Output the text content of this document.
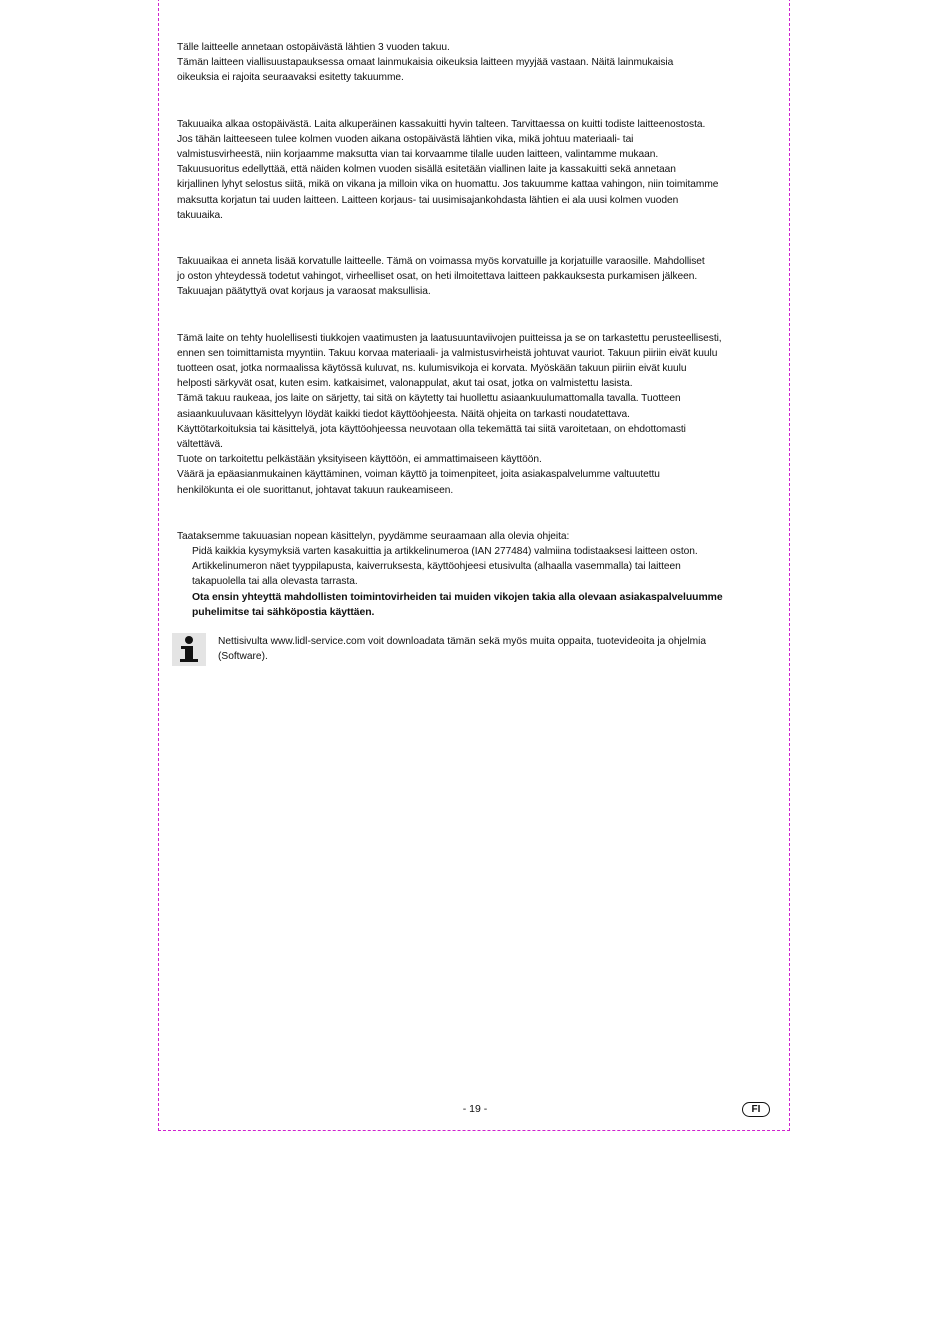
Tälle laitteelle annetaan ostopäivästä lähtien 3 vuoden takuu.
Tämän laitteen viallisuustapauksessa omaat lainmukaisia oikeuksia laitteen myyjää vastaan. Näitä lainmukaisia
oikeuksia ei rajoita seuraavaksi esitetty takuumme.

Takuuaika alkaa ostopäivästä. Laita alkuperäinen kassakuitti hyvin talteen. Tarvittaessa on kuitti todiste laitteenostosta.
Jos tähän laitteeseen tulee kolmen vuoden aikana ostopäivästä lähtien vika, mikä johtuu materiaali- tai
valmistusvirheestä, niin korjaamme maksutta vian tai korvaamme tilalle uuden laitteen, valintamme mukaan.
Takuusuoritus edellyttää, että näiden kolmen vuoden sisällä esitetään viallinen laite ja kassakuitti sekä annetaan
kirjallinen lyhyt selostus siitä, mikä on vikana ja milloin vika on huomattu. Jos takuumme kattaa vahingon, niin toimitamme
maksutta korjatun tai uuden laitteen. Laitteen korjaus- tai uusimisajankohdasta lähtien ei ala uusi kolmen vuoden
takuuaika.

Takuuaikaa ei anneta lisää korvatulle laitteelle. Tämä on voimassa myös korvatuille ja korjatuille varaosille. Mahdolliset
jo oston yhteydessä todetut vahingot, virheelliset osat, on heti ilmoitettava laitteen pakkauksesta purkamisen jälkeen.
Takuuajan päätyttyä ovat korjaus ja varaosat maksullisia.

Tämä laite on tehty huolellisesti tiukkojen vaatimusten ja laatusuuntaviivojen puitteissa ja se on tarkastettu perusteellisesti,
ennen sen toimittamista myyntiin. Takuu korvaa materiaali- ja valmistusvirheistä johtuvat vauriot. Takuun piiriin eivät kuulu
tuotteen osat, jotka normaalissa käytössä kuluvat, ns. kulumisvikoja ei korvata. Myöskään takuun piiriin eivät kuulu
helposti särkyvät osat, kuten esim. katkaisimet, valonappulat, akut tai osat, jotka on valmistettu lasista.
Tämä takuu raukeaa, jos laite on särjetty, tai sitä on käytetty tai huollettu asiaankuulumattomalla tavalla. Tuotteen
asiaankuuluvaan käsittelyyn löydät kaikki tiedot käyttöohjeesta. Näitä ohjeita on tarkasti noudatettava.
Käyttötarkoituksia tai käsittelyä, jota käyttöohjeessa neuvotaan olla tekemättä tai siitä varoitetaan, on ehdottomasti
vältettävä.
Tuote on tarkoitettu pelkästään yksityiseen käyttöön, ei ammattimaiseen käyttöön.
Väärä ja epäasianmukainen käyttäminen, voiman käyttö ja toimenpiteet, joita asiakaspalvelumme valtuutettu
henkilökunta ei ole suorittanut, johtavat takuun raukeamiseen.

Taataksemme takuuasian nopean käsittelyn, pyydämme seuraamaan alla olevia ohjeita:
Pidä kaikkia kysymyksiä varten kasakuittia ja artikkelinumeroa (IAN 277484) valmiina todistaaksesi laitteen oston.
Artikkelinumeron näet tyyppilapusta, kaiverruksesta, käyttöohjeesi etusivulta (alhaalla vasemmalla) tai laitteen
takapuolella tai alla olevasta tarrasta.
Ota ensin yhteyttä mahdollisten toimintovirheiden tai muiden vikojen takia alla olevaan asiakaspalveluumme
puhelimitse tai sähköpostia käyttäen.

Nettisivulta www.lidl-service.com voit downloadata tämän sekä myös muita oppaita, tuotevideoita ja ohjelmia
(Software).
- 19 -	FI
